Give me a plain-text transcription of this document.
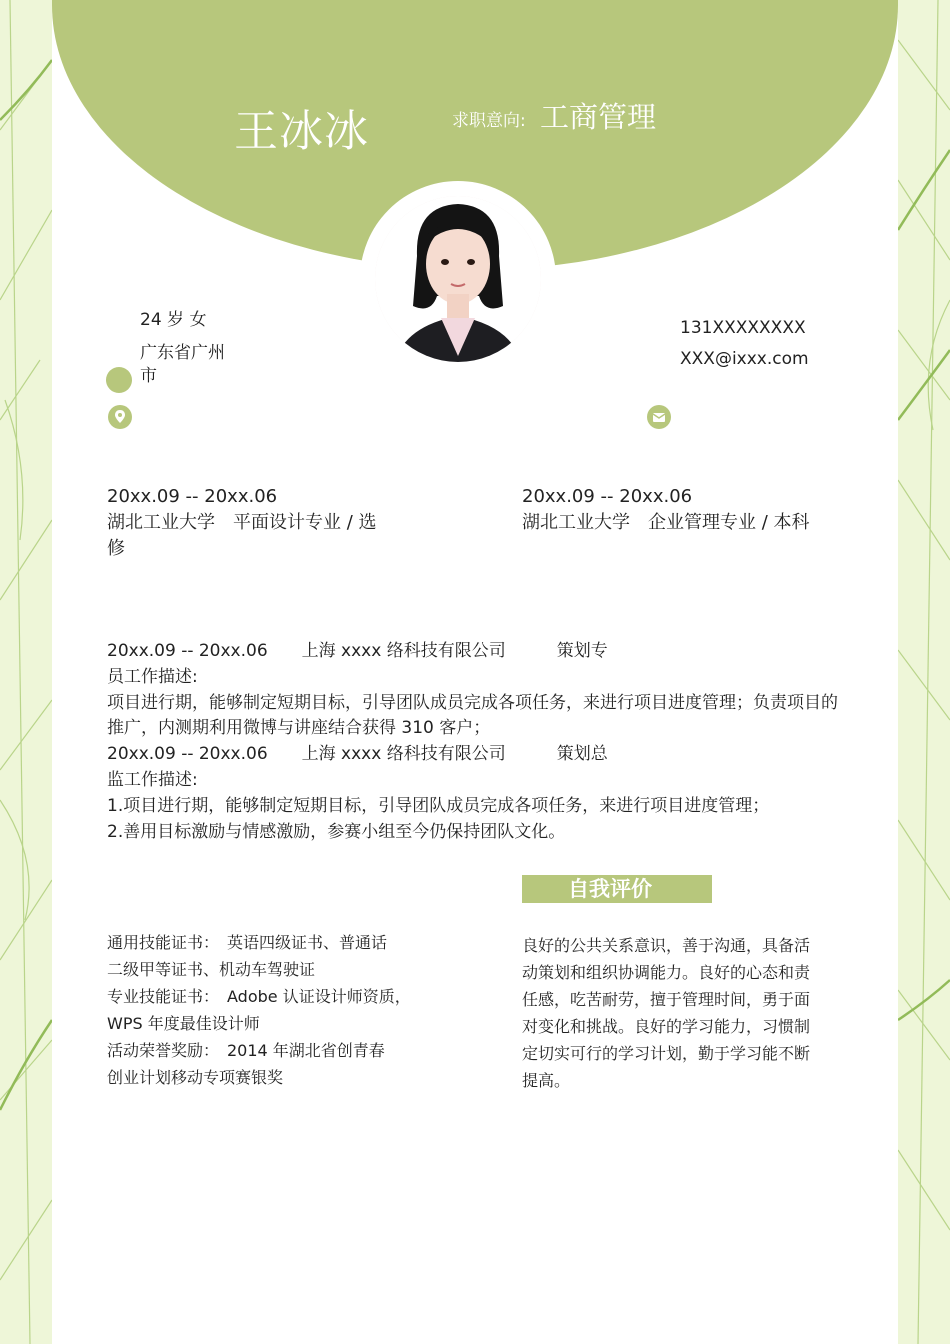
王冰冰	求职意向: 工商管理
24 岁 女
广东省广州
市
131XXXXXXXX
XXX@ixxx.com
20xx.09 -- 20xx.06
湖北工业大学　平面设计专业 / 选
修
20xx.09 -- 20xx.06
湖北工业大学　企业管理专业 / 本科
20xx.09 -- 20xx.06　　上海 xxxx 络科技有限公司　　　策划专
员工作描述:
项目进行期，能够制定短期目标，引导团队成员完成各项任务，来进行项目进度管理；负责项目的
推广，内测期利用微博与讲座结合获得 310 客户；
20xx.09 -- 20xx.06　　上海 xxxx 络科技有限公司　　　策划总
监工作描述:
1.项目进行期，能够制定短期目标，引导团队成员完成各项任务，来进行项目进度管理；
2.善用目标激励与情感激励，参赛小组至今仍保持团队文化。
通用技能证书：　英语四级证书、普通话
二级甲等证书、机动车驾驶证
专业技能证书：　Adobe 认证设计师资质，
WPS 年度最佳设计师
活动荣誉奖励：　2014 年湖北省创青春
创业计划移动专项赛银奖
自我评价
良好的公共关系意识，善于沟通，具备活
动策划和组织协调能力。良好的心态和责
任感，吃苦耐劳，擅于管理时间，勇于面
对变化和挑战。良好的学习能力，习惯制
定切实可行的学习计划，勤于学习能不断
提高。
